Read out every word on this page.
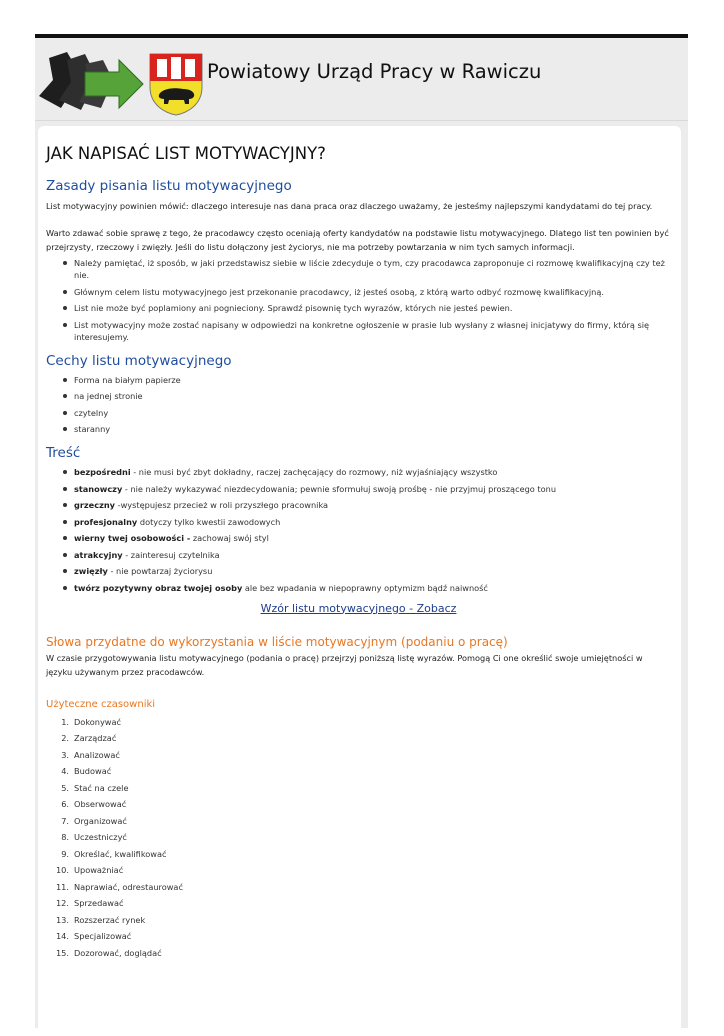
Powiatowy Urząd Pracy w Rawiczu
JAK NAPISAĆ LIST MOTYWACYJNY?
Zasady pisania listu motywacyjnego

List motywacyjny powinien mówić: dlaczego interesuje nas dana praca oraz dlaczego uważamy, że jesteśmy najlepszymi kandydatami do tej pracy.

Warto zdawać sobie sprawę z tego, że pracodawcy często oceniają oferty kandydatów na podstawie listu motywacyjnego. Dlatego list ten powinien być przejrzysty, rzeczowy i zwięzły. Jeśli do listu dołączony jest życiorys, nie ma potrzeby powtarzania w nim tych samych informacji.

Należy pamiętać, iż sposób, w jaki przedstawisz siebie w liście zdecyduje o tym, czy pracodawca zaproponuje ci rozmowę kwalifikacyjną czy też nie.
Głównym celem listu motywacyjnego jest przekonanie pracodawcy, iż jesteś osobą, z którą warto odbyć rozmowę kwalifikacyjną.
List nie może być poplamiony ani pognieciony. Sprawdź pisownię tych wyrazów, których nie jesteś pewien.
List motywacyjny może zostać napisany w odpowiedzi na konkretne ogłoszenie w prasie lub wysłany z własnej inicjatywy do firmy, którą się interesujemy.
Cechy listu motywacyjnego
Forma na białym papierze
na jednej stronie
czytelny
staranny
Treść
bezpośredni - nie musi być zbyt dokładny, raczej zachęcający do rozmowy, niż wyjaśniający wszystko
stanowczy - nie należy wykazywać niezdecydowania; pewnie sformułuj swoją prośbę - nie przyjmuj proszącego tonu
grzeczny -występujesz przecież w roli przyszłego pracownika
profesjonalny dotyczy tylko kwestii zawodowych
wierny twej osobowości - zachowaj swój styl
atrakcyjny - zainteresuj czytelnika
zwięzły - nie powtarzaj życiorysu
twórz pozytywny obraz twojej osoby ale bez wpadania w niepoprawny optymizm bądź naiwność
Wzór listu motywacyjnego - Zobacz
Słowa przydatne do wykorzystania w liście motywacyjnym (podaniu o pracę)

W czasie przygotowywania listu motywacyjnego (podania o pracę) przejrzyj poniższą listę wyrazów. Pomogą Ci one określić swoje umiejętności w języku używanym przez pracodawców.

Użyteczne czasowniki
1. Dokonywać
2. Zarządzać
3. Analizować
4. Budować
5. Stać na czele
6. Obserwować
7. Organizować
8. Uczestniczyć
9. Określać, kwalifikować
10. Upoważniać
11. Naprawiać, odrestaurować
12. Sprzedawać
13. Rozszerzać rynek
14. Specjalizować
15. Dozorować, doglądać
